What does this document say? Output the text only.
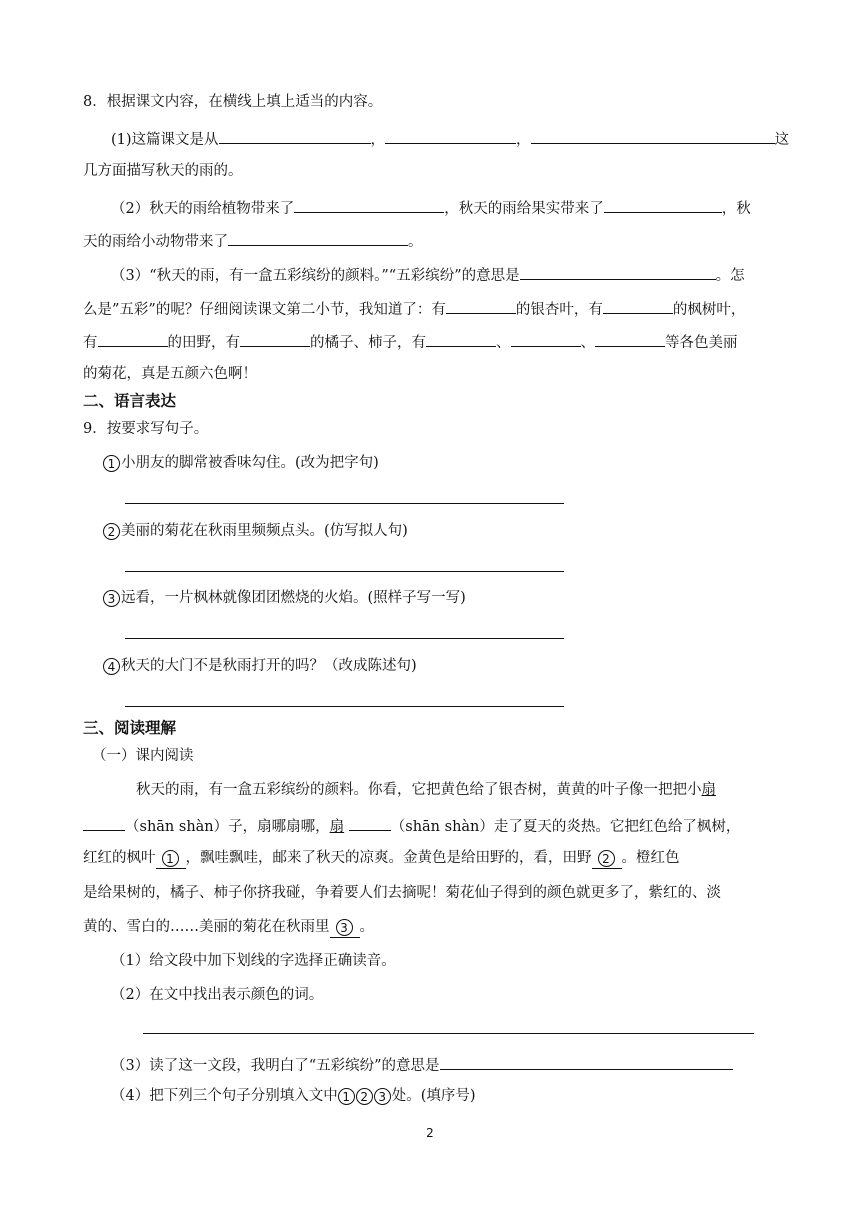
8．根据课文内容，在横线上填上适当的内容。
(1)这篇课文是从	，	，	这
几方面描写秋天的雨的。
（2）秋天的雨给植物带来了	，秋天的雨给果实带来了	，秋
天的雨给小动物带来了	。
（3）“秋天的雨，有一盒五彩缤纷的颜料。”“五彩缤纷”的意思是	。怎
么是”五彩”的呢？仔细阅读课文第二小节，我知道了：有	的银杏叶，有	的枫树叶，
有	的田野，有	的橘子、柿子，有	、	、	等各色美丽
的菊花，真是五颜六色啊！
二、语言表达
9．按要求写句子。
1 小朋友的脚常被香味勾住。(改为把字句)
2 美丽的菊花在秋雨里频频点头。(仿写拟人句)
3 远看，一片枫林就像团团燃烧的火焰。(照样子写一写)
4 秋天的大门不是秋雨打开的吗？（改成陈述句)
三、阅读理解
（一）课内阅读
秋天的雨，有一盒五彩缤纷的颜料。你看，它把黄色给了银杏树，黄黄的叶子像一把把小扇
（shān shàn）子，扇哪扇哪，扇	（shān shàn）走了夏天的炎热。它把红色给了枫树，
红红的枫叶 1 ，飘哇飘哇，邮来了秋天的凉爽。金黄色是给田野的，看，田野 2 。橙红色
是给果树的，橘子、柿子你挤我碰，争着要人们去摘呢！菊花仙子得到的颜色就更多了，紫红的、淡
黄的、雪白的……美丽的菊花在秋雨里 3 。
（1）给文段中加下划线的字选择正确读音。
（2）在文中找出表示颜色的词。
（3）读了这一文段，我明白了“五彩缤纷”的意思是
（4）把下列三个句子分别填入文中 1 2 3 处。(填序号)
2
